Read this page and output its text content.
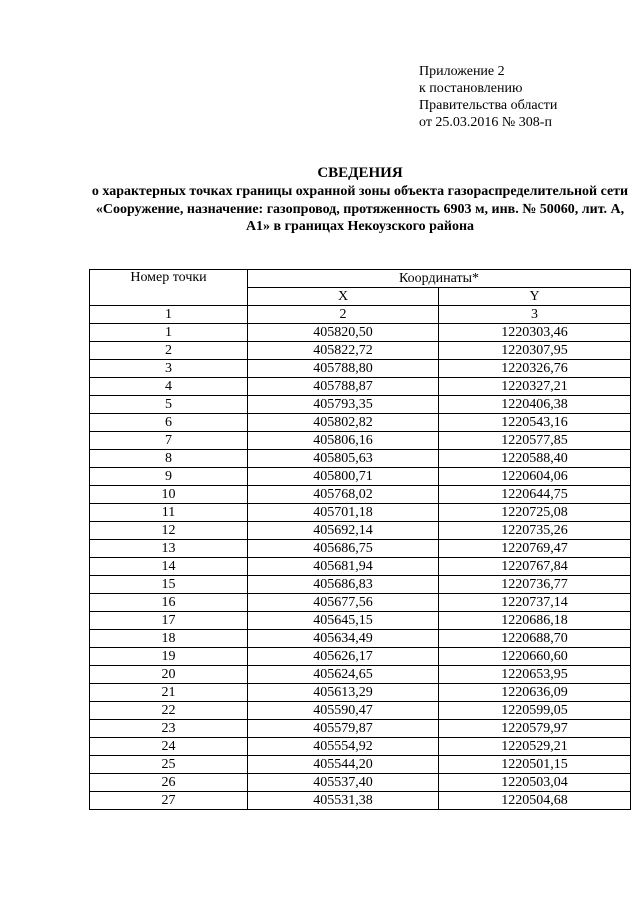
Приложение 2
к постановлению
Правительства области
от 25.03.2016 № 308-п
СВЕДЕНИЯ
о характерных точках границы охранной зоны объекта газораспределительной сети «Сооружение, назначение: газопровод, протяженность 6903 м, инв. № 50060, лит. А, А1» в границах Некоузского района
Номер точки	Координаты*	
	X	Y
1	2	3
1	405820,50	1220303,46
2	405822,72	1220307,95
3	405788,80	1220326,76
4	405788,87	1220327,21
5	405793,35	1220406,38
6	405802,82	1220543,16
7	405806,16	1220577,85
8	405805,63	1220588,40
9	405800,71	1220604,06
10	405768,02	1220644,75
11	405701,18	1220725,08
12	405692,14	1220735,26
13	405686,75	1220769,47
14	405681,94	1220767,84
15	405686,83	1220736,77
16	405677,56	1220737,14
17	405645,15	1220686,18
18	405634,49	1220688,70
19	405626,17	1220660,60
20	405624,65	1220653,95
21	405613,29	1220636,09
22	405590,47	1220599,05
23	405579,87	1220579,97
24	405554,92	1220529,21
25	405544,20	1220501,15
26	405537,40	1220503,04
27	405531,38	1220504,68
